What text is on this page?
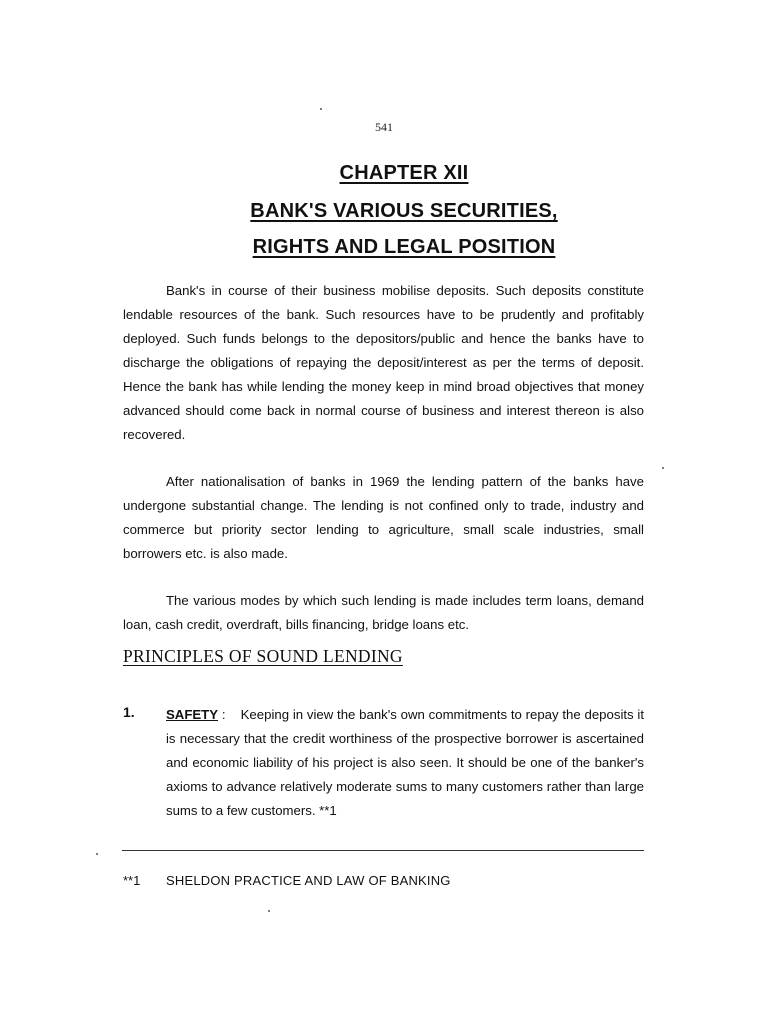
541
CHAPTER XII
BANK'S VARIOUS SECURITIES,
RIGHTS AND LEGAL POSITION

Bank's in course of their business mobilise deposits. Such deposits constitute lendable resources of the bank. Such resources have to be prudently and profitably deployed. Such funds belongs to the depositors/public and hence the banks have to discharge the obligations of repaying the deposit/interest as per the terms of deposit. Hence the bank has while lending the money keep in mind broad objectives that money advanced should come back in normal course of business and interest thereon is also recovered.

After nationalisation of banks in 1969 the lending pattern of the banks have undergone substantial change. The lending is not confined only to trade, industry and commerce but priority sector lending to agriculture, small scale industries, small borrowers etc. is also made.

The various modes by which such lending is made includes term loans, demand loan, cash credit, overdraft, bills financing, bridge loans etc.

PRINCIPLES OF SOUND LENDING
1. SAFETY : Keeping in view the bank's own commitments to repay the deposits it is necessary that the credit worthiness of the prospective borrower is ascertained and economic liability of his project is also seen. It should be one of the banker's axioms to advance relatively moderate sums to many customers rather than large sums to a few customers. **1
**1 SHELDON PRACTICE AND LAW OF BANKING
